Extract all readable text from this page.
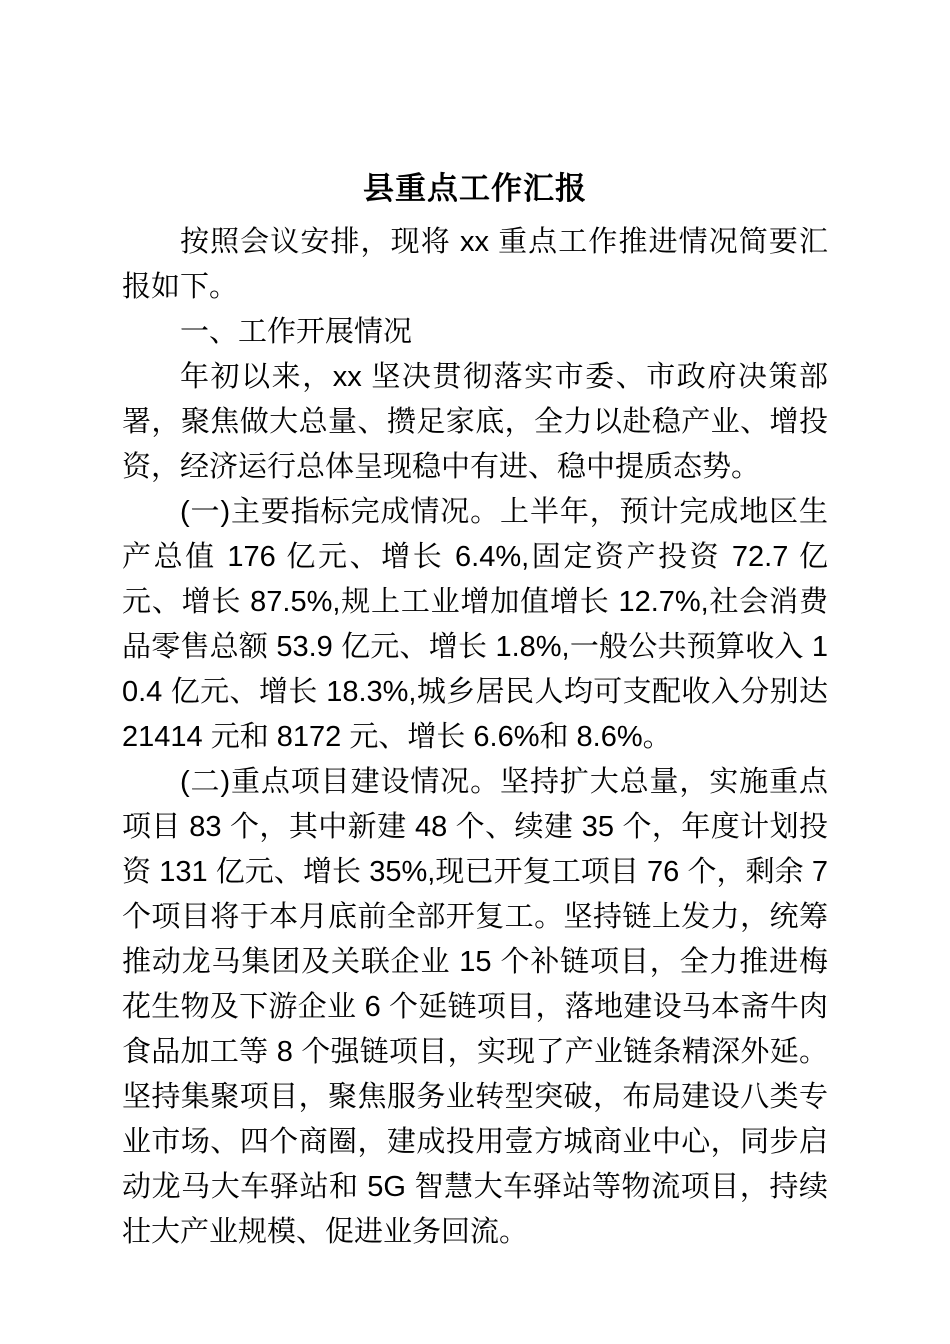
县重点工作汇报

按照会议安排，现将 xx 重点工作推进情况简要汇报如下。

一、工作开展情况

年初以来，xx 坚决贯彻落实市委、市政府决策部署，聚焦做大总量、攒足家底，全力以赴稳产业、增投资，经济运行总体呈现稳中有进、稳中提质态势。

(一)主要指标完成情况。上半年，预计完成地区生产总值 176 亿元、增长 6.4%,固定资产投资 72.7 亿元、增长 87.5%,规上工业增加值增长 12.7%,社会消费品零售总额 53.9 亿元、增长 1.8%,一般公共预算收入 10.4 亿元、增长 18.3%,城乡居民人均可支配收入分别达 21414 元和 8172 元、增长 6.6%和 8.6%。

(二)重点项目建设情况。坚持扩大总量，实施重点项目 83 个，其中新建 48 个、续建 35 个，年度计划投资 131 亿元、增长 35%,现已开复工项目 76 个，剩余 7 个项目将于本月底前全部开复工。坚持链上发力，统筹推动龙马集团及关联企业 15 个补链项目，全力推进梅花生物及下游企业 6 个延链项目，落地建设马本斋牛肉食品加工等 8 个强链项目，实现了产业链条精深外延。坚持集聚项目，聚焦服务业转型突破，布局建设八类专业市场、四个商圈，建成投用壹方城商业中心，同步启动龙马大车驿站和 5G 智慧大车驿站等物流项目，持续壮大产业规模、促进业务回流。
